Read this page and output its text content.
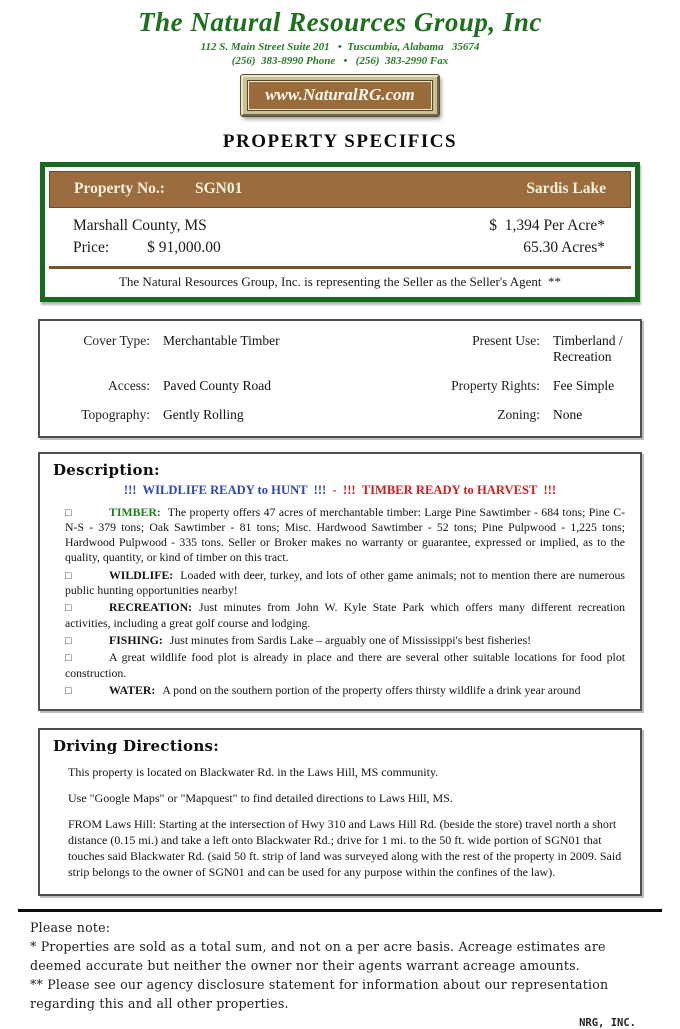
The Natural Resources Group, Inc
112 S. Main Street Suite 201   •  Tuscumbia, Alabama   35674
(256)  383-8990 Phone   •   (256)  383-2990 Fax
www.NaturalRG.com
PROPERTY SPECIFICS
Property No.: SGN01	Sardis Lake
Marshall County, MS	$  1,394 Per Acre*
Price: $ 91,000.00	65.30 Acres*
The Natural Resources Group, Inc. is representing the Seller as the Seller's Agent  **
Cover Type: Merchantable Timber	Present Use: Timberland / Recreation
Access: Paved County Road	Property Rights: Fee Simple
Topography: Gently Rolling	Zoning: None
Description:
!!!  WILDLIFE READY to HUNT  !!!  -  !!!  TIMBER READY to HARVEST  !!!

□	TIMBER: The property offers 47 acres of merchantable timber: Large Pine Sawtimber - 684 tons; Pine C-N-S - 379 tons; Oak Sawtimber - 81 tons; Misc. Hardwood Sawtimber - 52 tons; Pine Pulpwood - 1,225 tons; Hardwood Pulpwood - 335 tons. Seller or Broker makes no warranty or guarantee, expressed or implied, as to the quality, quantity, or kind of timber on this tract.

□	WILDLIFE: Loaded with deer, turkey, and lots of other game animals; not to mention there are numerous public hunting opportunities nearby!

□	RECREATION: Just minutes from John W. Kyle State Park which offers many different recreation activities, including a great golf course and lodging.

□	FISHING: Just minutes from Sardis Lake – arguably one of Mississippi's best fisheries!

□	A great wildlife food plot is already in place and there are several other suitable locations for food plot construction.

□	WATER: A pond on the southern portion of the property offers thirsty wildlife a drink year around

Driving Directions:

This property is located on Blackwater Rd. in the Laws Hill, MS community.

Use "Google Maps" or "Mapquest" to find detailed directions to Laws Hill, MS.

FROM Laws Hill: Starting at the intersection of Hwy 310 and Laws Hill Rd. (beside the store) travel north a short distance (0.15 mi.) and take a left onto Blackwater Rd.; drive for 1 mi. to the 50 ft. wide portion of SGN01 that touches said Blackwater Rd. (said 50 ft. strip of land was surveyed along with the rest of the property in 2009. Said strip belongs to the owner of SGN01 and can be used for any purpose within the confines of the law).

Please note:

* Properties are sold as a total sum, and not on a per acre basis. Acreage estimates are deemed accurate but neither the owner nor their agents warrant acreage amounts.

** Please see our agency disclosure statement for information about our representation regarding this and all other properties.

NRG, INC.
